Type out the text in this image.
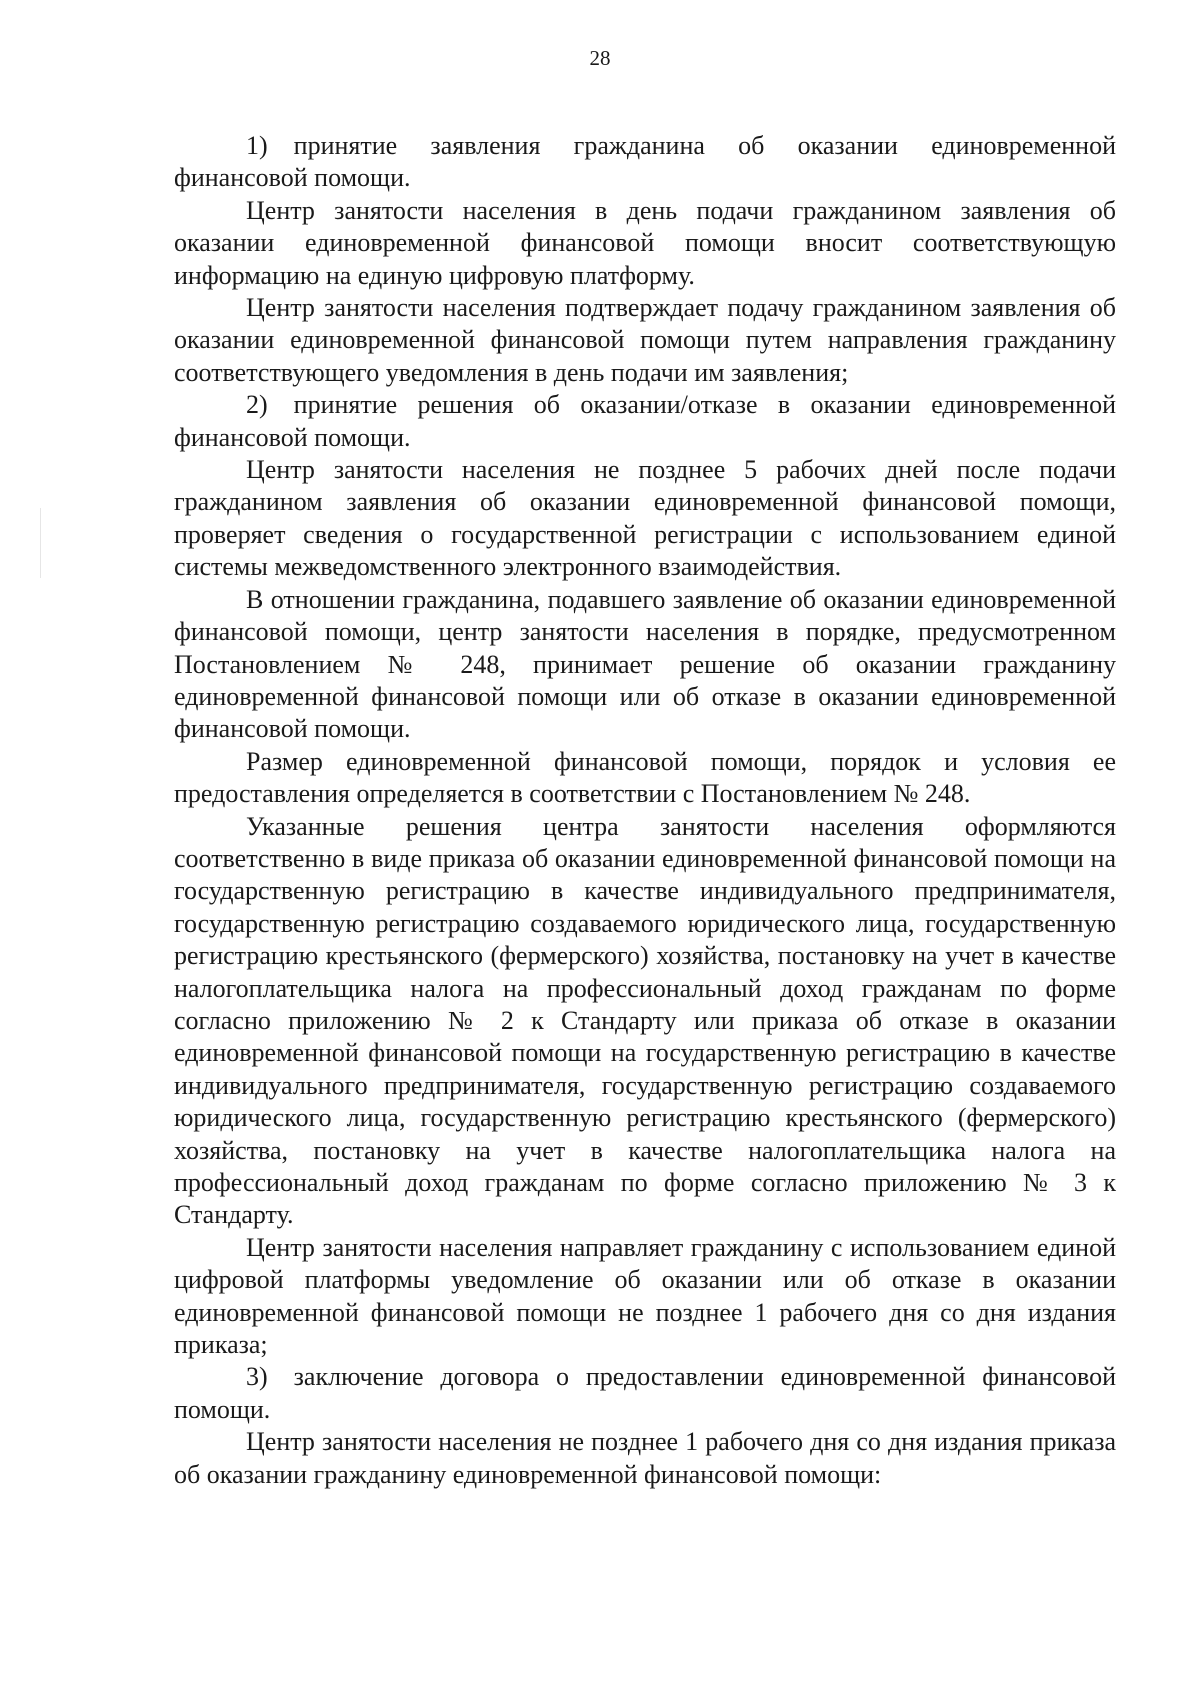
28

1) принятие заявления гражданина об оказании единовременной финансовой помощи.

Центр занятости населения в день подачи гражданином заявления об оказании единовременной финансовой помощи вносит соответствующую информацию на единую цифровую платформу.

Центр занятости населения подтверждает подачу гражданином заявления об оказании единовременной финансовой помощи путем направления гражданину соответствующего уведомления в день подачи им заявления;

2) принятие решения об оказании/отказе в оказании единовременной финансовой помощи.

Центр занятости населения не позднее 5 рабочих дней после подачи гражданином заявления об оказании единовременной финансовой помощи, проверяет сведения о государственной регистрации с использованием единой системы межведомственного электронного взаимодействия.

В отношении гражданина, подавшего заявление об оказании единовременной финансовой помощи, центр занятости населения в порядке, предусмотренном Постановлением № 248, принимает решение об оказании гражданину единовременной финансовой помощи или об отказе в оказании единовременной финансовой помощи.

Размер единовременной финансовой помощи, порядок и условия ее предоставления определяется в соответствии с Постановлением № 248.

Указанные решения центра занятости населения оформляются соответственно в виде приказа об оказании единовременной финансовой помощи на государственную регистрацию в качестве индивидуального предпринимателя, государственную регистрацию создаваемого юридического лица, государственную регистрацию крестьянского (фермерского) хозяйства, постановку на учет в качестве налогоплательщика налога на профессиональный доход гражданам по форме согласно приложению № 2 к Стандарту или приказа об отказе в оказании единовременной финансовой помощи на государственную регистрацию в качестве индивидуального предпринимателя, государственную регистрацию создаваемого юридического лица, государственную регистрацию крестьянского (фермерского) хозяйства, постановку на учет в качестве налогоплательщика налога на профессиональный доход гражданам по форме согласно приложению № 3 к Стандарту.

Центр занятости населения направляет гражданину с использованием единой цифровой платформы уведомление об оказании или об отказе в оказании единовременной финансовой помощи не позднее 1 рабочего дня со дня издания приказа;

3) заключение договора о предоставлении единовременной финансовой помощи.

Центр занятости населения не позднее 1 рабочего дня со дня издания приказа об оказании гражданину единовременной финансовой помощи:
